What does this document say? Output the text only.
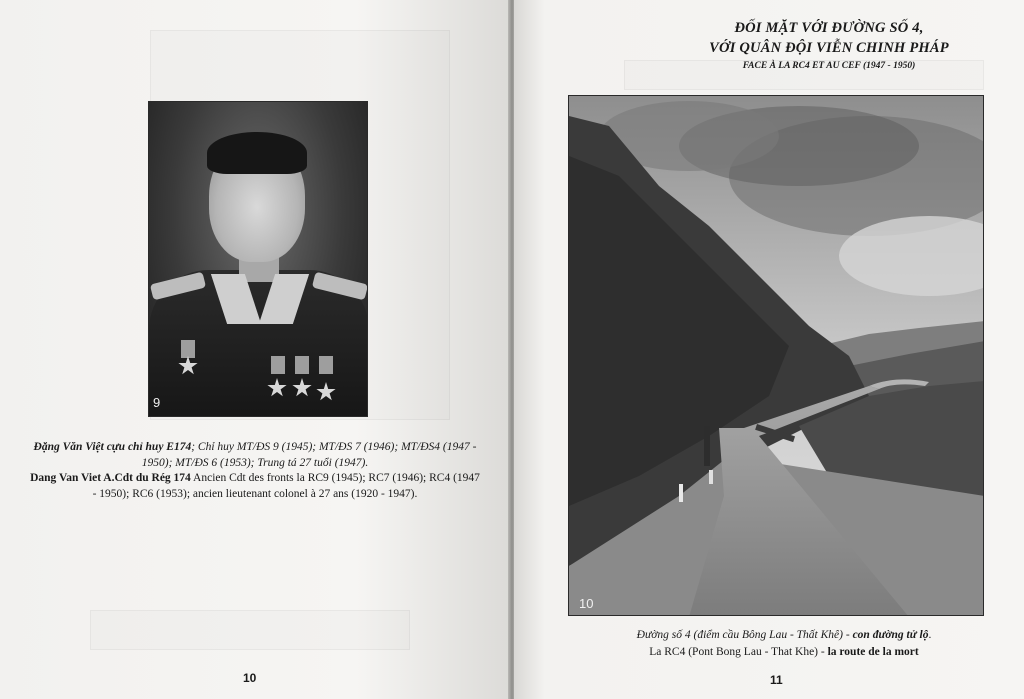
9
Đặng Văn Việt cựu chỉ huy E174; Chỉ huy MT/ĐS 9 (1945); MT/ĐS 7 (1946); MT/ĐS4 (1947 - 1950); MT/ĐS 6 (1953); Trung tá 27 tuổi (1947).
Dang Van Viet A.Cdt du Rég 174 Ancien Cdt des fronts la RC9 (1945); RC7 (1946); RC4 (1947 - 1950); RC6 (1953); ancien lieutenant colonel à 27 ans (1920 - 1947).
10
ĐỐI MẶT VỚI ĐƯỜNG SỐ 4,
VỚI QUÂN ĐỘI VIỄN CHINH PHÁP
FACE À LA RC4 ET AU CEF (1947 - 1950)
10
Đường số 4 (điểm cầu Bông Lau - Thất Khê) - con đường tử lộ.
La RC4 (Pont Bong Lau - That Khe) - la route de la mort
11
